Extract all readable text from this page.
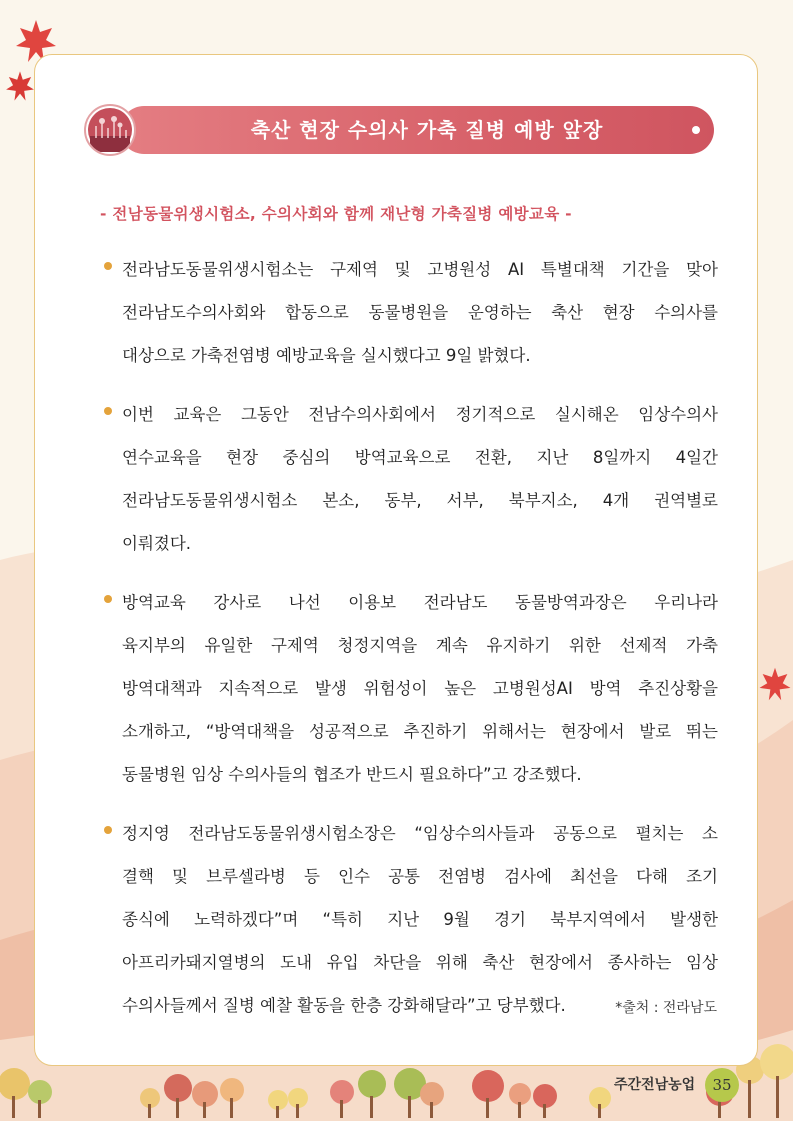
축산 현장 수의사 가축 질병 예방 앞장
- 전남동물위생시험소, 수의사회와 함께 재난형 가축질병 예방교육 -
전라남도동물위생시험소는 구제역 및 고병원성 AI 특별대책 기간을 맞아
전라남도수의사회와 합동으로 동물병원을 운영하는 축산 현장 수의사를
대상으로 가축전염병 예방교육을 실시했다고 9일 밝혔다.
이번 교육은 그동안 전남수의사회에서 정기적으로 실시해온 임상수의사
연수교육을 현장 중심의 방역교육으로 전환, 지난 8일까지 4일간
전라남도동물위생시험소 본소, 동부, 서부, 북부지소, 4개 권역별로
이뤄졌다.
방역교육 강사로 나선 이용보 전라남도 동물방역과장은 우리나라
육지부의 유일한 구제역 청정지역을 계속 유지하기 위한 선제적 가축
방역대책과 지속적으로 발생 위험성이 높은 고병원성AI 방역 추진상황을
소개하고, “방역대책을 성공적으로 추진하기 위해서는 현장에서 발로 뛰는
동물병원 임상 수의사들의 협조가 반드시 필요하다”고 강조했다.
정지영 전라남도동물위생시험소장은 “임상수의사들과 공동으로 펼치는 소
결핵 및 브루셀라병 등 인수 공통 전염병 검사에 최선을 다해 조기
종식에 노력하겠다”며 “특히 지난 9월 경기 북부지역에서 발생한
아프리카돼지열병의 도내 유입 차단을 위해 축산 현장에서 종사하는 임상
수의사들께서 질병 예찰 활동을 한층 강화해달라”고 당부했다.	*출처 : 전라남도
주간전남농업	35
